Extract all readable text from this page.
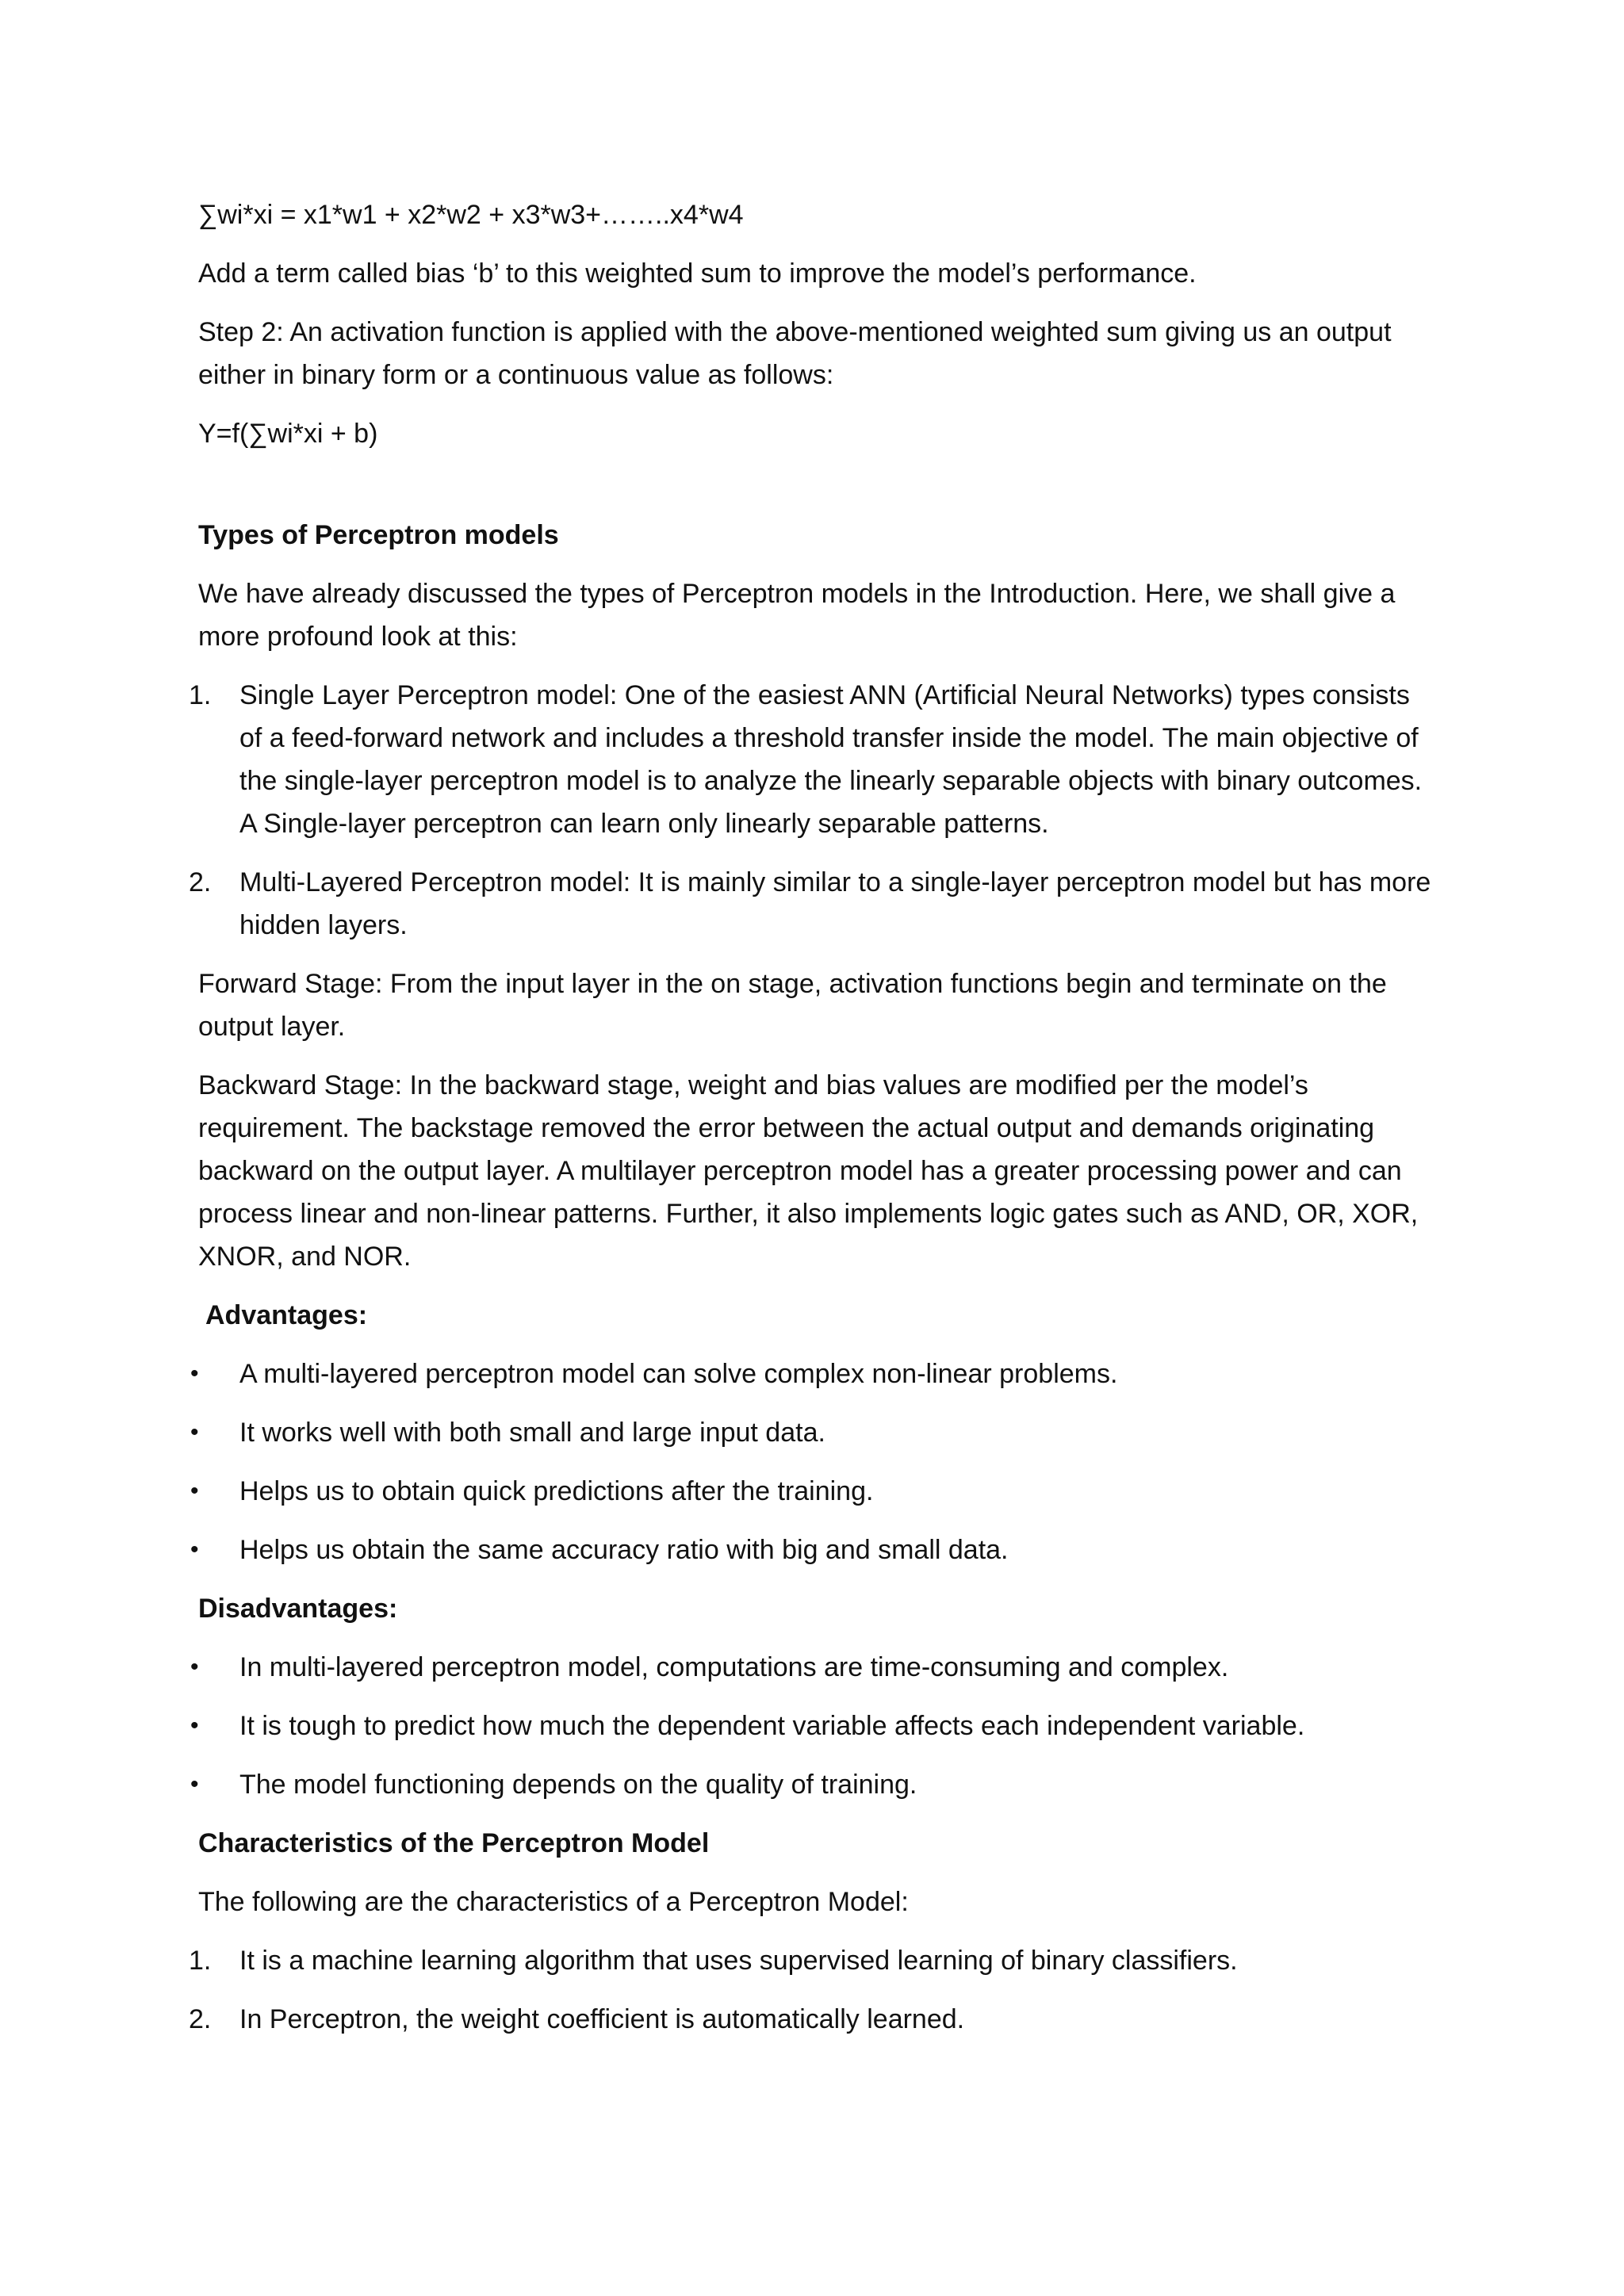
∑wi*xi = x1*w1 + x2*w2 + x3*w3+……..x4*w4

Add a term called bias ‘b’ to this weighted sum to improve the model’s performance.

Step 2: An activation function is applied with the above-mentioned weighted sum giving us an output either in binary form or a continuous value as follows:

Y=f(∑wi*xi + b)

Types of Perceptron models

We have already discussed the types of Perceptron models in the Introduction. Here, we shall give a more profound look at this:

1. Single Layer Perceptron model: One of the easiest ANN (Artificial Neural Networks) types consists of a feed-forward network and includes a threshold transfer inside the model. The main objective of the single-layer perceptron model is to analyze the linearly separable objects with binary outcomes. A Single-layer perceptron can learn only linearly separable patterns.
2. Multi-Layered Perceptron model: It is mainly similar to a single-layer perceptron model but has more hidden layers.

Forward Stage: From the input layer in the on stage, activation functions begin and terminate on the output layer.

Backward Stage: In the backward stage, weight and bias values are modified per the model’s requirement. The backstage removed the error between the actual output and demands originating backward on the output layer. A multilayer perceptron model has a greater processing power and can process linear and non-linear patterns. Further, it also implements logic gates such as AND, OR, XOR, XNOR, and NOR.

Advantages:

• A multi-layered perceptron model can solve complex non-linear problems.
• It works well with both small and large input data.
• Helps us to obtain quick predictions after the training.
• Helps us obtain the same accuracy ratio with big and small data.

Disadvantages:

• In multi-layered perceptron model, computations are time-consuming and complex.
• It is tough to predict how much the dependent variable affects each independent variable.
• The model functioning depends on the quality of training.

Characteristics of the Perceptron Model

The following are the characteristics of a Perceptron Model:

1. It is a machine learning algorithm that uses supervised learning of binary classifiers.
2. In Perceptron, the weight coefficient is automatically learned.
